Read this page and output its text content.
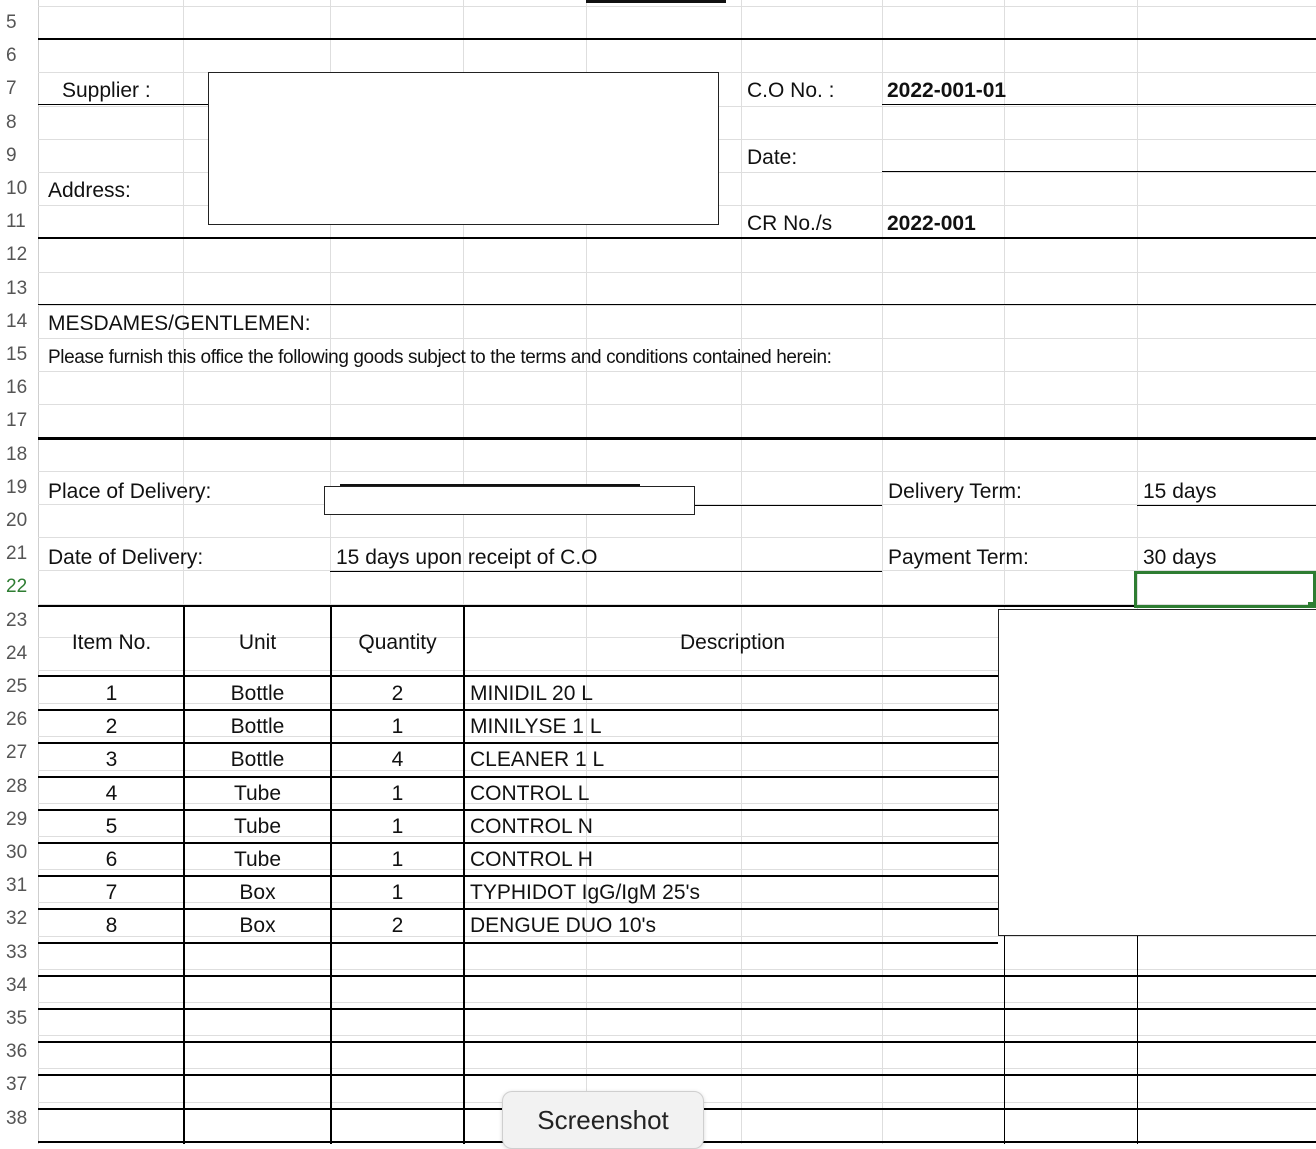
5
6
7
8
9
10
11
12
13
14
15
16
17
18
19
20
21
22
23
24
25
26
27
28
29
30
31
32
33
34
35
36
37
38
Supplier :
Address:
C.O No. : 2022-001-01
Date:
CR No./s	2022-001
MESDAMES/GENTLEMEN:
Please furnish this office the following goods subject to the terms and conditions contained herein:
Place of Delivery:	Delivery Term:	15 days
Date of Delivery:	15 days upon receipt of C.O	Payment Term:	30 days
Item No.	Unit	Quantity	Description
1	Bottle	2	MINIDIL 20 L
2	Bottle	1	MINILYSE 1 L
3	Bottle	4	CLEANER 1 L
4	Tube	1	CONTROL L
5	Tube	1	CONTROL N
6	Tube	1	CONTROL H
7	Box	1	TYPHIDOT IgG/IgM 25's
8	Box	2	DENGUE DUO 10's
Screenshot
